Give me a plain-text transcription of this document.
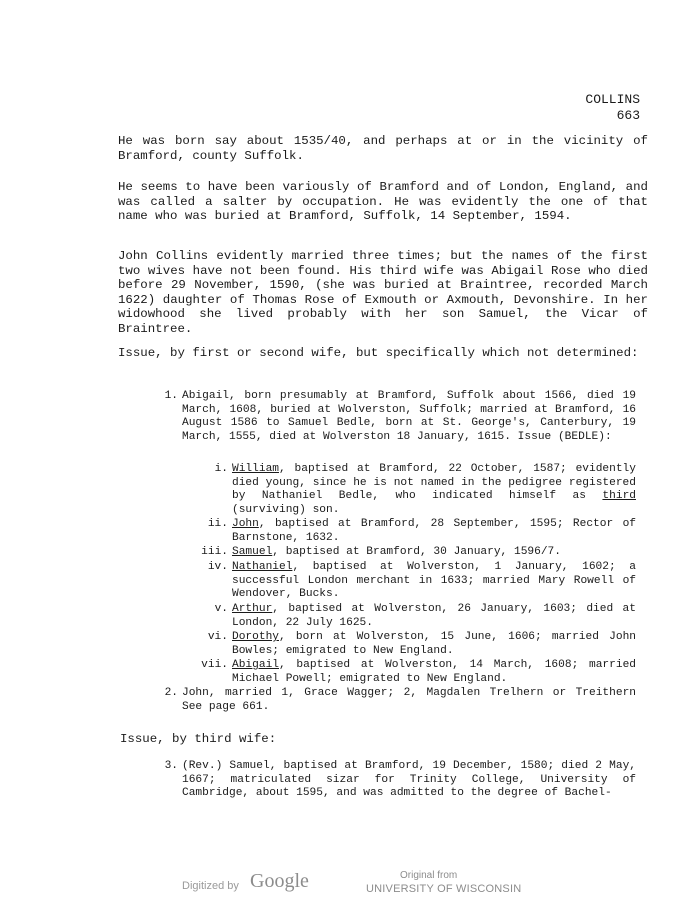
COLLINS
663

He was born say about 1535/40, and perhaps at or in the vicinity of Bramford, county Suffolk.

He seems to have been variously of Bramford and of London, England, and was called a salter by occupation. He was evidently the one of that name who was buried at Bramford, Suffolk, 14 September, 1594.

John Collins evidently married three times; but the names of the first two wives have not been found. His third wife was Abigail Rose who died before 29 November, 1590, (she was buried at Braintree, recorded March 1622) daughter of Thomas Rose of Exmouth or Axmouth, Devonshire. In her widowhood she lived probably with her son Samuel, the Vicar of Braintree.

Issue, by first or second wife, but specifically which not determined:

1. Abigail, born presumably at Bramford, Suffolk about 1566, died 19 March, 1608, buried at Wolverston, Suffolk; married at Bramford, 16 August 1586 to Samuel Bedle, born at St. George's, Canterbury, 19 March, 1555, died at Wolverston 18 January, 1615. Issue (BEDLE):
i. William, baptised at Bramford, 22 October, 1587; evidently died young, since he is not named in the pedigree registered by Nathaniel Bedle, who indicated himself as third (surviving) son.
ii. John, baptised at Bramford, 28 September, 1595; Rector of Barnstone, 1632.
iii. Samuel, baptised at Bramford, 30 January, 1596/7.
iv. Nathaniel, baptised at Wolverston, 1 January, 1602; a successful London merchant in 1633; married Mary Rowell of Wendover, Bucks.
v. Arthur, baptised at Wolverston, 26 January, 1603; died at London, 22 July 1625.
vi. Dorothy, born at Wolverston, 15 June, 1606; married John Bowles; emigrated to New England.
vii. Abigail, baptised at Wolverston, 14 March, 1608; married Michael Powell; emigrated to New England.
2. John, married 1, Grace Wagger; 2, Magdalen Trelhern or Treithern See page 661.
Issue, by third wife:
3. (Rev.) Samuel, baptised at Bramford, 19 December, 1580; died 2 May, 1667; matriculated sizar for Trinity College, University of Cambridge, about 1595, and was admitted to the degree of Bachel-
Digitized by Google	Original from
UNIVERSITY OF WISCONSIN
